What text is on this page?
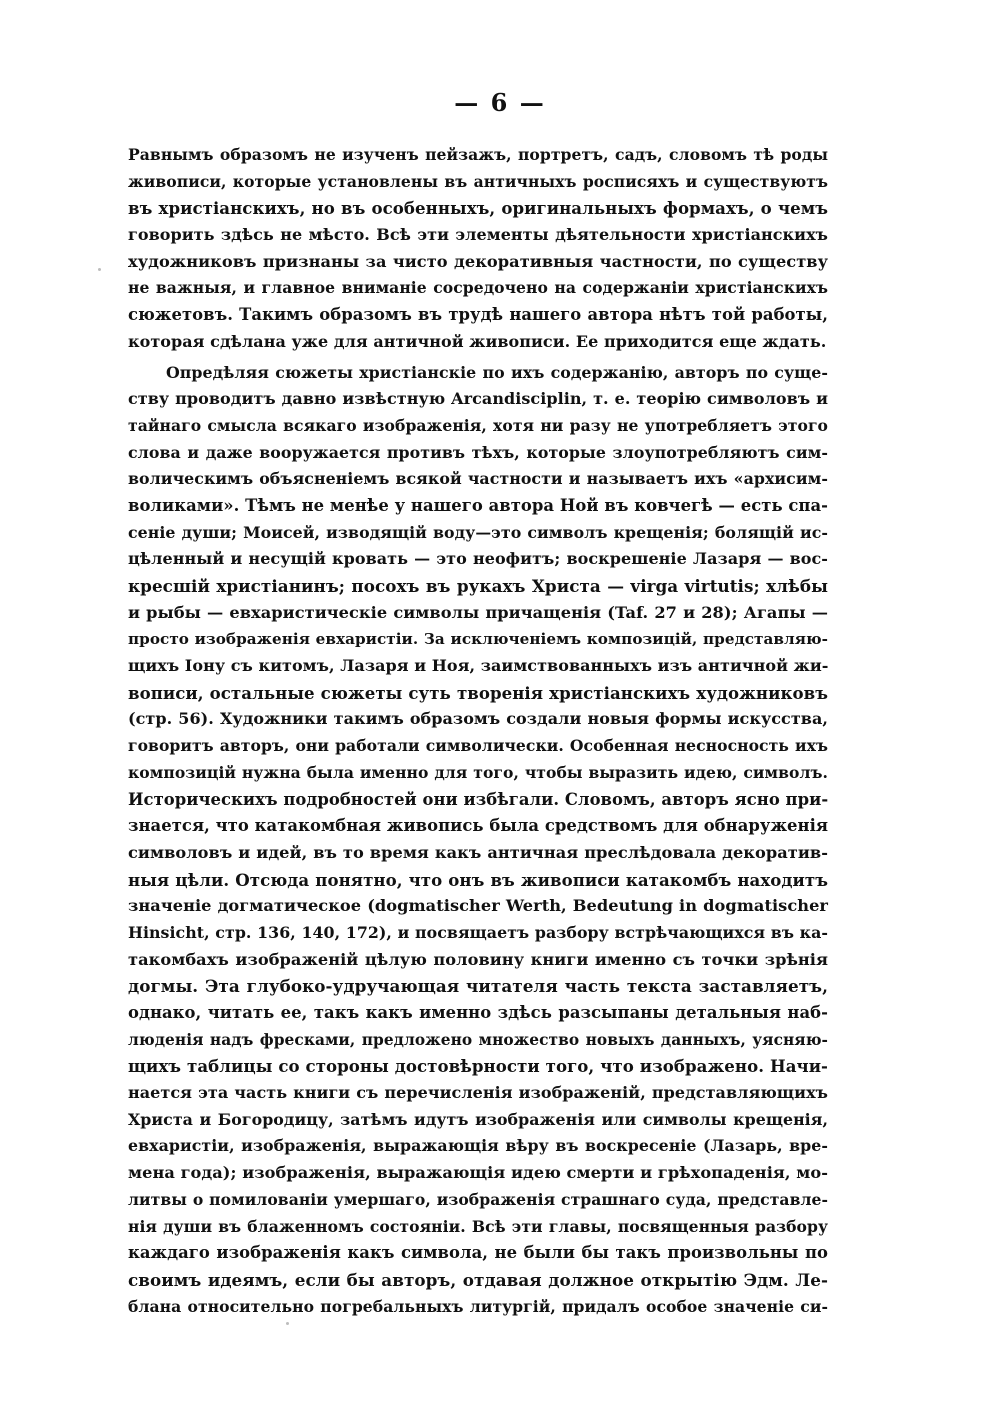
— 6 —
Равнымъ образомъ не изученъ пейзажъ, портретъ, садъ, словомъ тѣ роды
живописи, которые установлены въ античныхъ росписяхъ и существуютъ
въ христіанскихъ, но въ особенныхъ, оригинальныхъ формахъ, о чемъ
говорить здѣсь не мѣсто. Всѣ эти элементы дѣятельности христіанскихъ
художниковъ признаны за чисто декоративныя частности, по существу
не важныя, и главное вниманіе сосредочено на содержаніи христіанскихъ
сюжетовъ. Такимъ образомъ въ трудѣ нашего автора нѣтъ той работы,
которая сдѣлана уже для античной живописи. Ее приходится еще ждать.
Опредѣляя сюжеты христіанскіе по ихъ содержанію, авторъ по суще-
ству проводитъ давно извѣстную Arcandisciplin, т. е. теорію символовъ и
тайнаго смысла всякаго изображенія, хотя ни разу не употребляетъ этого
слова и даже вооружается противъ тѣхъ, которые злоупотребляютъ сим-
волическимъ объясненіемъ всякой частности и называетъ ихъ «архисим-
воликами». Тѣмъ не менѣе у нашего автора Ной въ ковчегѣ — есть спа-
сеніе души; Моисей, изводящій воду—это символъ крещенія; болящій ис-
цѣленный и несущій кровать — это неофитъ; воскрешеніе Лазаря — вос-
кресшій христіанинъ; посохъ въ рукахъ Христа — virga virtutis; хлѣбы
и рыбы — евхаристическіе символы причащенія (Taf. 27 и 28); Агапы —
просто изображенія евхаристіи. За исключеніемъ композицій, представляю-
щихъ Іону съ китомъ, Лазаря и Ноя, заимствованныхъ изъ античной жи-
вописи, остальные сюжеты суть творенія христіанскихъ художниковъ
(стр. 56). Художники такимъ образомъ создали новыя формы искусства,
говоритъ авторъ, они работали символически. Особенная несносность ихъ
композицій нужна была именно для того, чтобы выразить идею, символъ.
Историческихъ подробностей они избѣгали. Словомъ, авторъ ясно при-
знается, что катакомбная живопись была средствомъ для обнаруженія
символовъ и идей, въ то время какъ античная преслѣдовала декоратив-
ныя цѣли. Отсюда понятно, что онъ въ живописи катакомбъ находитъ
значеніе догматическое (dogmatischer Werth, Bedeutung in dogmatischer
Hinsicht, стр. 136, 140, 172), и посвящаетъ разбору встрѣчающихся въ ка-
такомбахъ изображеній цѣлую половину книги именно съ точки зрѣнія
догмы. Эта глубоко-удручающая читателя часть текста заставляетъ,
однако, читать ее, такъ какъ именно здѣсь разсыпаны детальныя наб-
люденія надъ фресками, предложено множество новыхъ данныхъ, уясняю-
щихъ таблицы со стороны достовѣрности того, что изображено. Начи-
нается эта часть книги съ перечисленія изображеній, представляющихъ
Христа и Богородицу, затѣмъ идутъ изображенія или символы крещенія,
евхаристіи, изображенія, выражающія вѣру въ воскресеніе (Лазарь, вре-
мена года); изображенія, выражающія идею смерти и грѣхопаденія, мо-
литвы о помилованіи умершаго, изображенія страшнаго суда, представле-
нія души въ блаженномъ состояніи. Всѣ эти главы, посвященныя разбору
каждаго изображенія какъ символа, не были бы такъ произвольны по
своимъ идеямъ, если бы авторъ, отдавая должное открытію Эдм. Ле-
блана относительно погребальныхъ литургій, придалъ особое значеніе си-
